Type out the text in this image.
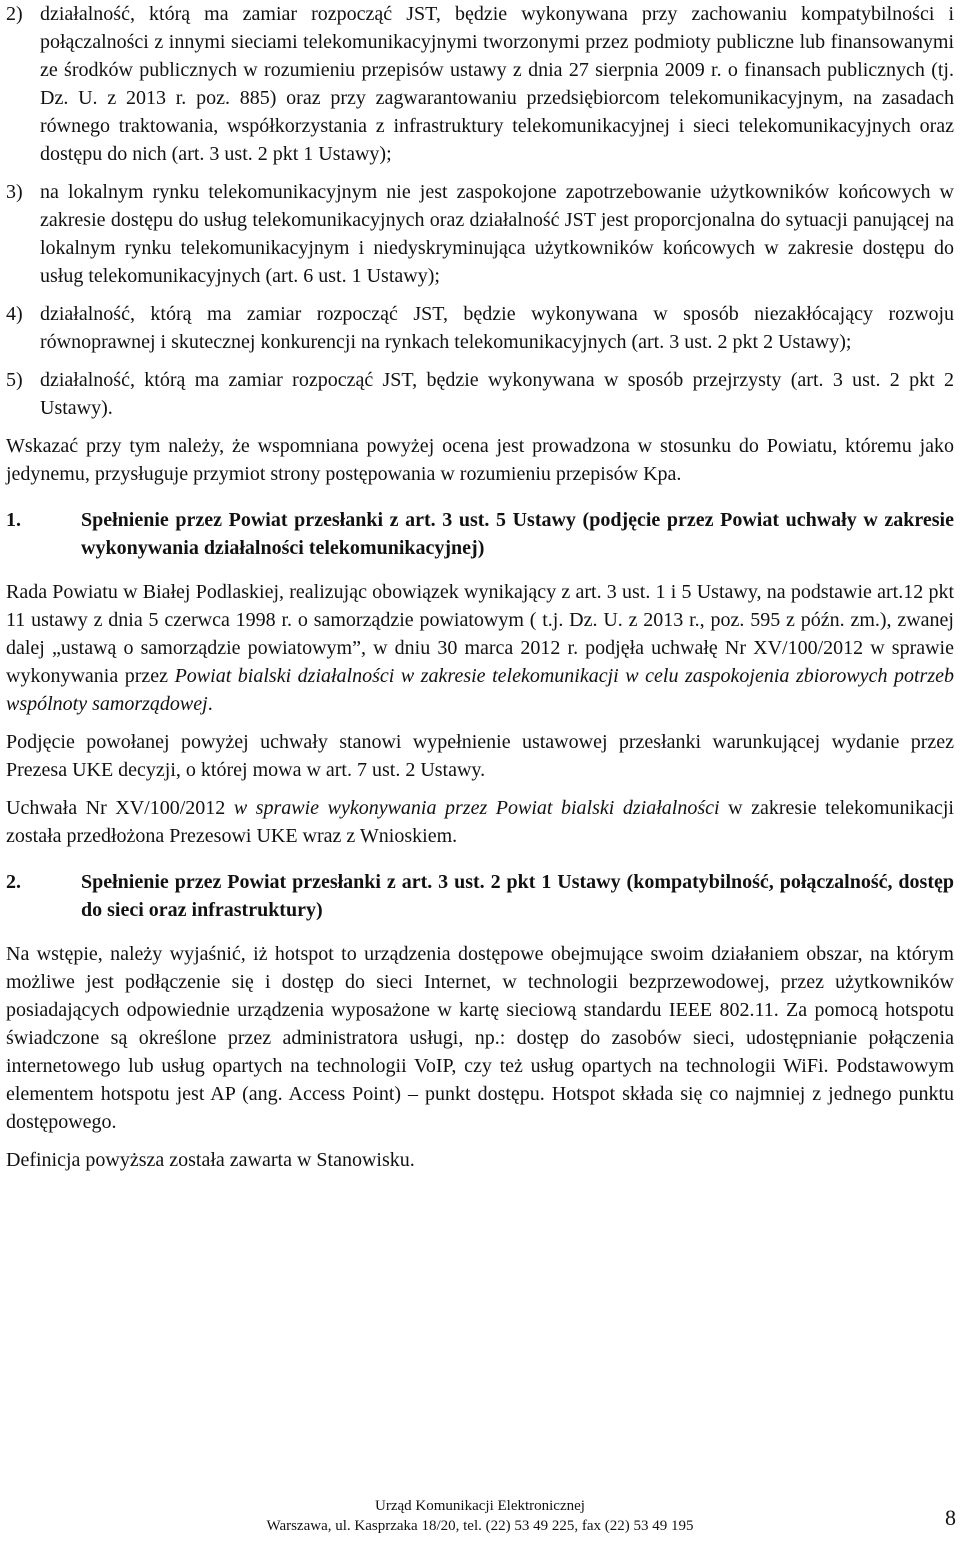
2) działalność, którą ma zamiar rozpocząć JST, będzie wykonywana przy zachowaniu kompatybilności i połączalności z innymi sieciami telekomunikacyjnymi tworzonymi przez podmioty publiczne lub finansowanymi ze środków publicznych w rozumieniu przepisów ustawy z dnia 27 sierpnia 2009 r. o finansach publicznych (tj. Dz. U. z 2013 r. poz. 885) oraz przy zagwarantowaniu przedsiębiorcom telekomunikacyjnym, na zasadach równego traktowania, współkorzystania z infrastruktury telekomunikacyjnej i sieci telekomunikacyjnych oraz dostępu do nich (art. 3 ust. 2 pkt 1 Ustawy);
3) na lokalnym rynku telekomunikacyjnym nie jest zaspokojone zapotrzebowanie użytkowników końcowych w zakresie dostępu do usług telekomunikacyjnych oraz działalność JST jest proporcjonalna do sytuacji panującej na lokalnym rynku telekomunikacyjnym i niedyskryminująca użytkowników końcowych w zakresie dostępu do usług telekomunikacyjnych (art. 6 ust. 1 Ustawy);
4) działalność, którą ma zamiar rozpocząć JST, będzie wykonywana w sposób niezakłócający rozwoju równoprawnej i skutecznej konkurencji na rynkach telekomunikacyjnych (art. 3 ust. 2 pkt 2 Ustawy);
5) działalność, którą ma zamiar rozpocząć JST, będzie wykonywana w sposób przejrzysty (art. 3 ust. 2 pkt 2 Ustawy).

Wskazać przy tym należy, że wspomniana powyżej ocena jest prowadzona w stosunku do Powiatu, któremu jako jedynemu, przysługuje przymiot strony postępowania w rozumieniu przepisów Kpa.

1.	Spełnienie przez Powiat przesłanki z art. 3 ust. 5 Ustawy (podjęcie przez Powiat uchwały w zakresie wykonywania działalności telekomunikacyjnej)

Rada Powiatu w Białej Podlaskiej, realizując obowiązek wynikający z art. 3 ust. 1 i 5 Ustawy, na podstawie art.12 pkt 11 ustawy z dnia 5 czerwca 1998 r. o samorządzie powiatowym ( t.j. Dz. U. z 2013 r., poz. 595 z późn. zm.), zwanej dalej „ustawą o samorządzie powiatowym”, w dniu 30 marca 2012 r. podjęła uchwałę Nr XV/100/2012 w sprawie wykonywania przez Powiat bialski działalności w zakresie telekomunikacji w celu zaspokojenia zbiorowych potrzeb wspólnoty samorządowej.

Podjęcie powołanej powyżej uchwały stanowi wypełnienie ustawowej przesłanki warunkującej wydanie przez Prezesa UKE decyzji, o której mowa w art. 7 ust. 2 Ustawy.

Uchwała Nr XV/100/2012 w sprawie wykonywania przez Powiat bialski działalności w zakresie telekomunikacji została przedłożona Prezesowi UKE wraz z Wnioskiem.

2.	Spełnienie przez Powiat przesłanki z art. 3 ust. 2 pkt 1 Ustawy (kompatybilność, połączalność, dostęp do sieci oraz infrastruktury)

Na wstępie, należy wyjaśnić, iż hotspot to urządzenia dostępowe obejmujące swoim działaniem obszar, na którym możliwe jest podłączenie się i dostęp do sieci Internet, w technologii bezprzewodowej, przez użytkowników posiadających odpowiednie urządzenia wyposażone w kartę sieciową standardu IEEE 802.11. Za pomocą hotspotu świadczone są określone przez administratora usługi, np.: dostęp do zasobów sieci, udostępnianie połączenia internetowego lub usług opartych na technologii VoIP, czy też usług opartych na technologii WiFi. Podstawowym elementem hotspotu jest AP (ang. Access Point) – punkt dostępu. Hotspot składa się co najmniej z jednego punktu dostępowego.

Definicja powyższa została zawarta w Stanowisku.

Urząd Komunikacji Elektronicznej
Warszawa, ul. Kasprzaka 18/20, tel. (22) 53 49 225, fax (22) 53 49 195	8
